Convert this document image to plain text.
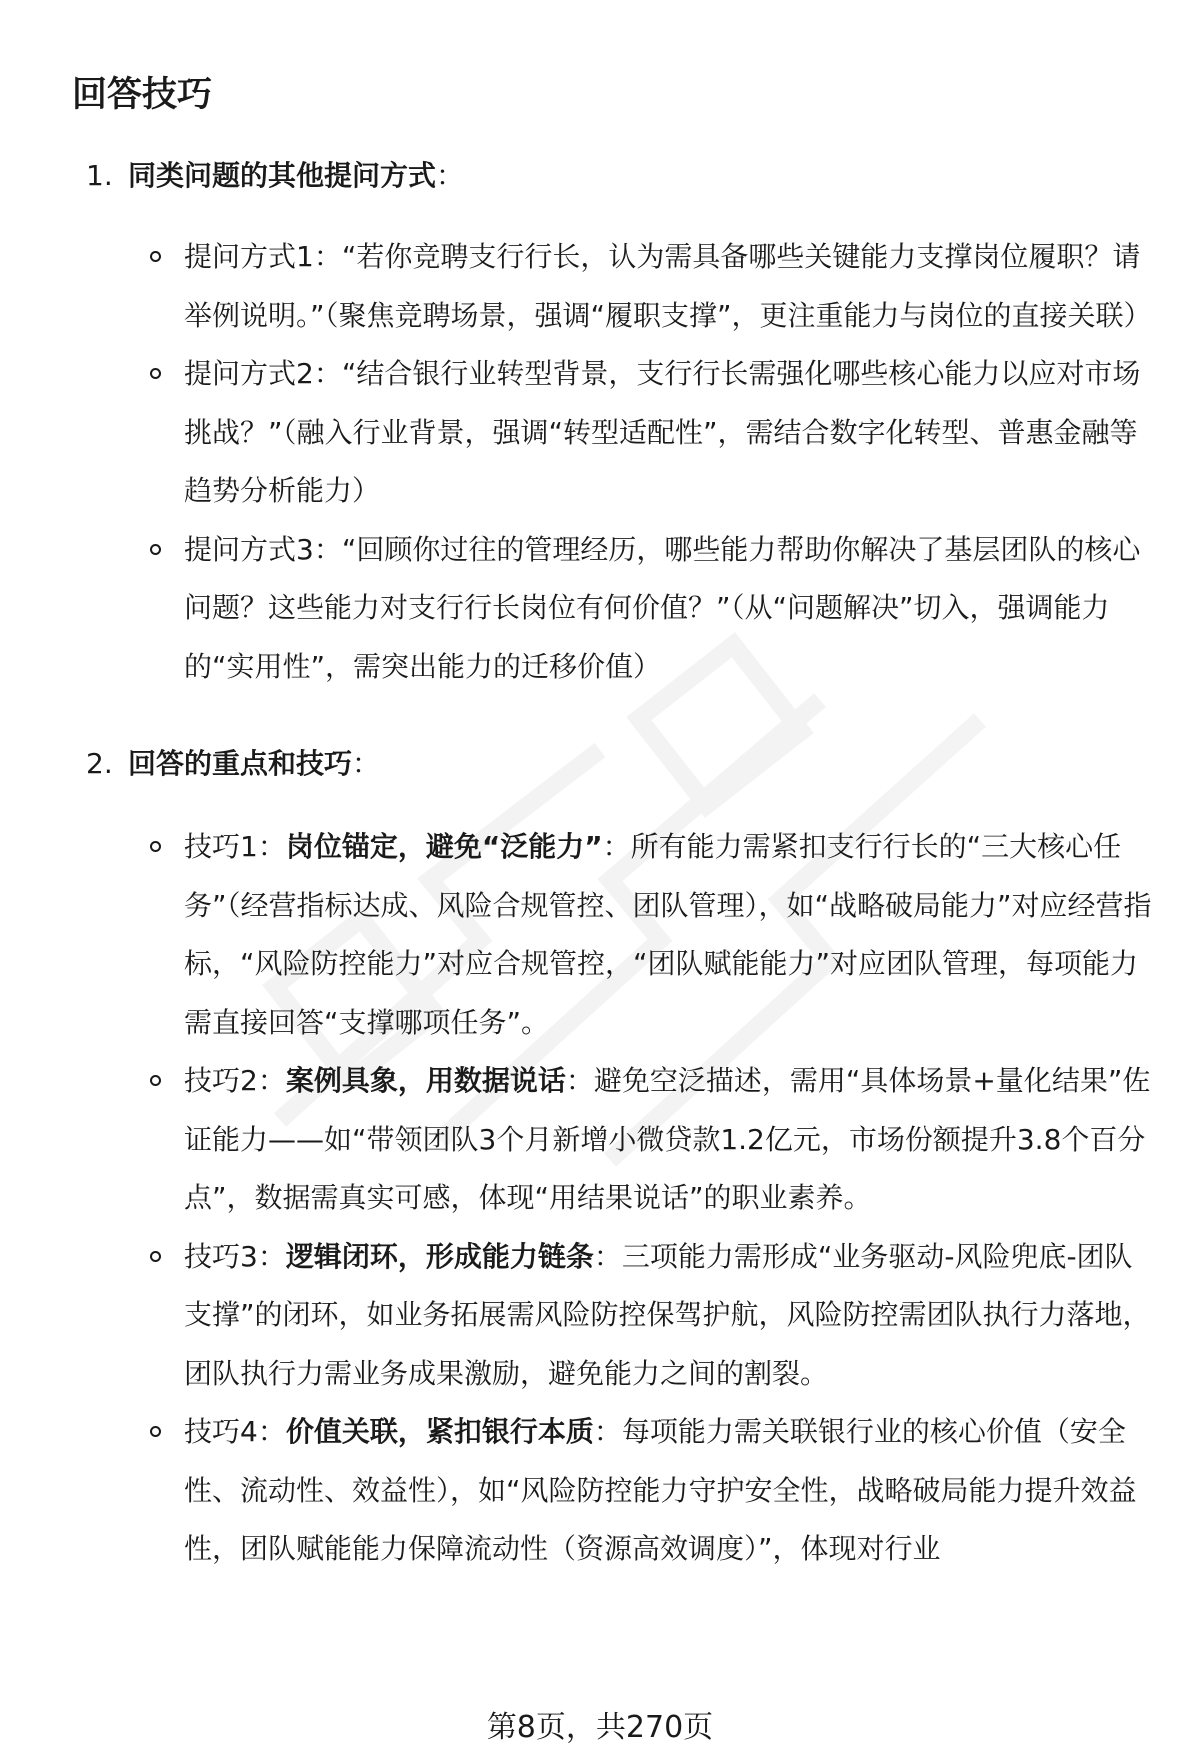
回答技巧
1. 同类问题的其他提问方式：
提问方式1：“若你竞聘支行行长，认为需具备哪些关键能力支撑岗位履职？请举例说明。”（聚焦竞聘场景，强调“履职支撑”，更注重能力与岗位的直接关联）
提问方式2：“结合银行业转型背景，支行行长需强化哪些核心能力以应对市场挑战？”（融入行业背景，强调“转型适配性”，需结合数字化转型、普惠金融等趋势分析能力）
提问方式3：“回顾你过往的管理经历，哪些能力帮助你解决了基层团队的核心问题？这些能力对支行行长岗位有何价值？”（从“问题解决”切入，强调能力的“实用性”，需突出能力的迁移价值）
2. 回答的重点和技巧：
技巧1：岗位锚定，避免“泛能力”：所有能力需紧扣支行行长的“三大核心任务”（经营指标达成、风险合规管控、团队管理），如“战略破局能力”对应经营指标，“风险防控能力”对应合规管控，“团队赋能能力”对应团队管理，每项能力需直接回答“支撑哪项任务”。
技巧2：案例具象，用数据说话：避免空泛描述，需用“具体场景+量化结果”佐证能力——如“带领团队3个月新增小微贷款1.2亿元，市场份额提升3.8个百分点”，数据需真实可感，体现“用结果说话”的职业素养。
技巧3：逻辑闭环，形成能力链条：三项能力需形成“业务驱动-风险兜底-团队支撑”的闭环，如业务拓展需风险防控保驾护航，风险防控需团队执行力落地，团队执行力需业务成果激励，避免能力之间的割裂。
技巧4：价值关联，紧扣银行本质：每项能力需关联银行业的核心价值（安全性、流动性、效益性），如“风险防控能力守护安全性，战略破局能力提升效益性，团队赋能能力保障流动性（资源高效调度）”，体现对行业
第8页，共270页
